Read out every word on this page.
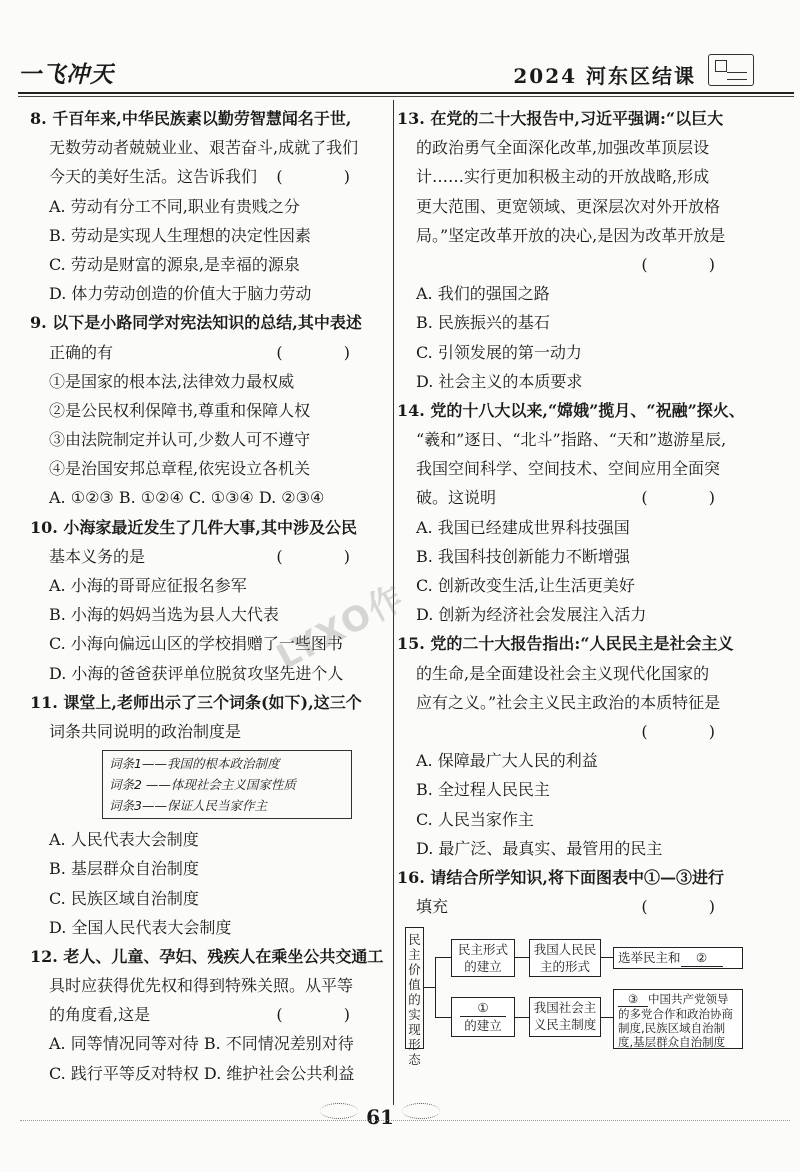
一飞冲天	2024 河东区结课
8. 千百年来,中华民族素以勤劳智慧闻名于世,
无数劳动者兢兢业业、艰苦奋斗,成就了我们
今天的美好生活。这告诉我们 ( )
A. 劳动有分工不同,职业有贵贱之分
B. 劳动是实现人生理想的决定性因素
C. 劳动是财富的源泉,是幸福的源泉
D. 体力劳动创造的价值大于脑力劳动
9. 以下是小路同学对宪法知识的总结,其中表述
正确的有	( )
①是国家的根本法,法律效力最权威
②是公民权利保障书,尊重和保障人权
③由法院制定并认可,少数人可不遵守
④是治国安邦总章程,依宪设立各机关
A. ①②③ B. ①②④ C. ①③④ D. ②③④
10. 小海家最近发生了几件大事,其中涉及公民
基本义务的是	( )
A. 小海的哥哥应征报名参军
B. 小海的妈妈当选为县人大代表
C. 小海向偏远山区的学校捐赠了一些图书
D. 小海的爸爸获评单位脱贫攻坚先进个人
11. 课堂上,老师出示了三个词条(如下),这三个
词条共同说明的政治制度是
词条1——我国的根本政治制度
词条2 ——体现社会主义国家性质
词条3——保证人民当家作主
A. 人民代表大会制度
B. 基层群众自治制度
C. 民族区域自治制度
D. 全国人民代表大会制度
12. 老人、儿童、孕妇、残疾人在乘坐公共交通工
具时应获得优先权和得到特殊关照。从平等
的角度看,这是	( )
A. 同等情况同等对待 B. 不同情况差别对待
C. 践行平等反对特权 D. 维护社会公共利益
13. 在党的二十大报告中,习近平强调:“以巨大
的政治勇气全面深化改革,加强改革顶层设
计……实行更加积极主动的开放战略,形成
更大范围、更宽领域、更深层次对外开放格
局。”坚定改革开放的决心,是因为改革开放是
( )
A. 我们的强国之路
B. 民族振兴的基石
C. 引领发展的第一动力
D. 社会主义的本质要求
14. 党的十八大以来,“嫦娥”揽月、“祝融”探火、
“羲和”逐日、“北斗”指路、“天和”遨游星辰,
我国空间科学、空间技术、空间应用全面突
破。这说明	( )
A. 我国已经建成世界科技强国
B. 我国科技创新能力不断增强
C. 创新改变生活,让生活更美好
D. 创新为经济社会发展注入活力
15. 党的二十大报告指出:“人民民主是社会主义
的生命,是全面建设社会主义现代化国家的
应有之义。”社会主义民主政治的本质特征是
( )
A. 保障最广大人民的利益
B. 全过程人民民主
C. 人民当家作主
D. 最广泛、最真实、最管用的民主
16. 请结合所学知识,将下面图表中①—③进行
填充	( )
民主价值的实现形态
民主形式的建立
我国人民民主的形式
选举民主和 ②
①
的建立
我国社会主义民主制度
③ 中国共产党领导的多党合作和政治协商制度,民族区域自治制度,基层群众自治制度
LYXO作
61
